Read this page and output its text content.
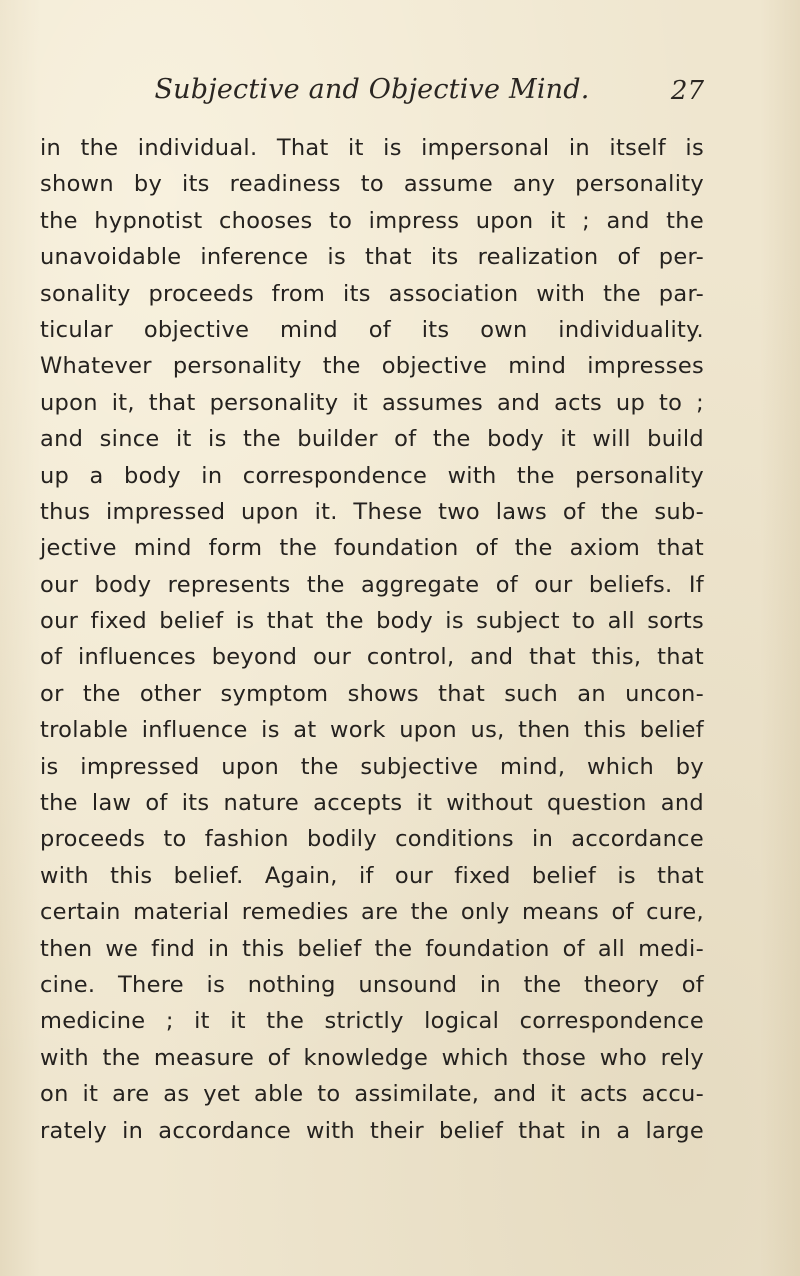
Subjective and Objective Mind.	27
in the individual. That it is impersonal in itself is
shown by its readiness to assume any personality
the hypnotist chooses to impress upon it ; and the
unavoidable inference is that its realization of per-
sonality proceeds from its association with the par-
ticular objective mind of its own individuality.
Whatever personality the objective mind impresses
upon it, that personality it assumes and acts up to ;
and since it is the builder of the body it will build
up a body in correspondence with the personality
thus impressed upon it. These two laws of the sub-
jective mind form the foundation of the axiom that
our body represents the aggregate of our beliefs. If
our fixed belief is that the body is subject to all sorts
of influences beyond our control, and that this, that
or the other symptom shows that such an uncon-
trolable influence is at work upon us, then this belief
is impressed upon the subjective mind, which by
the law of its nature accepts it without question and
proceeds to fashion bodily conditions in accordance
with this belief. Again, if our fixed belief is that
certain material remedies are the only means of cure,
then we find in this belief the foundation of all medi-
cine. There is nothing unsound in the theory of
medicine ; it it the strictly logical correspondence
with the measure of knowledge which those who rely
on it are as yet able to assimilate, and it acts accu-
rately in accordance with their belief that in a large
